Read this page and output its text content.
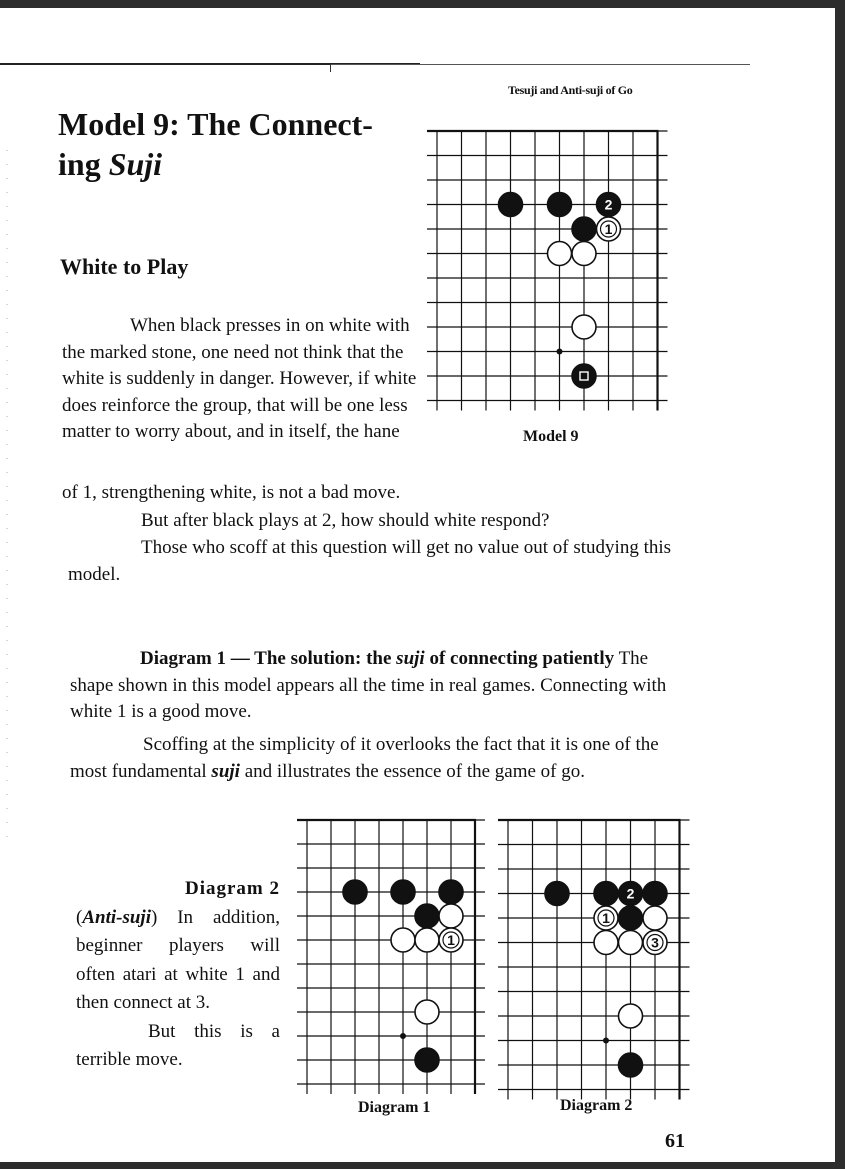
Tesuji and Anti-suji of Go
Model 9: The Connect-
ing Suji
White to Play

When black presses in on white with the marked stone, one need not think that the white is suddenly in danger. However, if white does reinforce the group, that will be one less matter to worry about, and in itself, the hane

of 1, strengthening white, is not a bad move.

But after black plays at 2, how should white respond?

Those who scoff at this question will get no value out of studying this model.

Diagram 1 — The solution: the suji of connecting patiently The shape shown in this model appears all the time in real games. Connecting with white 1 is a good move.

Scoffing at the simplicity of it overlooks the fact that it is one of the most fundamental suji and illustrates the essence of the game of go.

Diagram 2
(Anti-suji) In addition, beginner players will often atari at white 1 and then connect at 3.
But this is a terrible move.

2
1
Model 9
1
Diagram 1
2
1
3
Diagram 2
61
